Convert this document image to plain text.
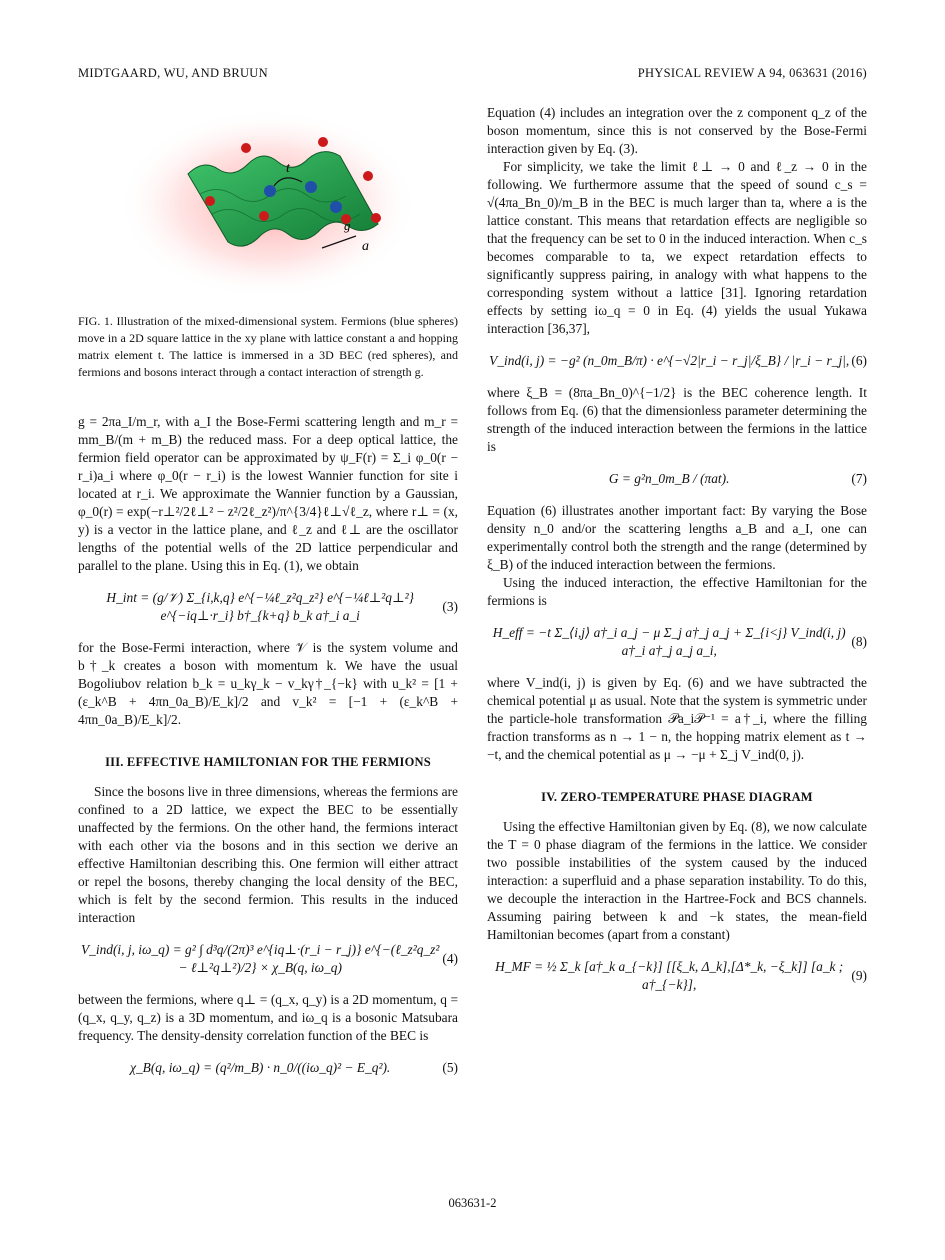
MIDTGAARD, WU, AND BRUUN	PHYSICAL REVIEW A 94, 063631 (2016)
t
g
a

FIG. 1. Illustration of the mixed-dimensional system. Fermions (blue spheres) move in a 2D square lattice in the xy plane with lattice constant a and hopping matrix element t. The lattice is immersed in a 3D BEC (red spheres), and fermions and bosons interact through a contact interaction of strength g.

g = 2πa_I/m_r, with a_I the Bose-Fermi scattering length and m_r = mm_B/(m + m_B) the reduced mass. For a deep optical lattice, the fermion field operator can be approximated by ψ_F(r) = Σ_i φ_0(r − r_i)a_i where φ_0(r − r_i) is the lowest Wannier function for site i located at r_i. We approximate the Wannier function by a Gaussian, φ_0(r) = exp(−r⊥²/2ℓ⊥² − z²/2ℓ_z²)/π^{3/4}ℓ⊥√ℓ_z, where r⊥ = (x, y) is a vector in the lattice plane, and ℓ_z and ℓ⊥ are the oscillator lengths of the potential wells of the 2D lattice perpendicular and parallel to the plane. Using this in Eq. (1), we obtain

H_int = (g/𝒱) Σ_{i,k,q} e^{−¼ℓ_z²q_z²} e^{−¼ℓ⊥²q⊥²} e^{−iq⊥·r_i} b†_{k+q} b_k a†_i a_i
(3)

for the Bose-Fermi interaction, where 𝒱 is the system volume and b†_k creates a boson with momentum k. We have the usual Bogoliubov relation b_k = u_kγ_k − v_kγ†_{−k} with u_k² = [1 + (ε_k^B + 4πn_0a_B)/E_k]/2 and v_k² = [−1 + (ε_k^B + 4πn_0a_B)/E_k]/2.

III. EFFECTIVE HAMILTONIAN FOR THE FERMIONS

Since the bosons live in three dimensions, whereas the fermions are confined to a 2D lattice, we expect the BEC to be essentially unaffected by the fermions. On the other hand, the fermions interact with each other via the bosons and in this section we derive an effective Hamiltonian describing this. One fermion will either attract or repel the bosons, thereby changing the local density of the BEC, which is felt by the second fermion. This results in the induced interaction

V_ind(i, j, iω_q) = g² ∫ d³q/(2π)³ e^{iq⊥·(r_i − r_j)} e^{−(ℓ_z²q_z² − ℓ⊥²q⊥²)/2} × χ_B(q, iω_q)
(4)

between the fermions, where q⊥ = (q_x, q_y) is a 2D momentum, q = (q_x, q_y, q_z) is a 3D momentum, and iω_q is a bosonic Matsubara frequency. The density-density correlation function of the BEC is

χ_B(q, iω_q) = (q²/m_B) · n_0/((iω_q)² − E_q²).	(5)

Equation (4) includes an integration over the z component q_z of the boson momentum, since this is not conserved by the Bose-Fermi interaction given by Eq. (3).

For simplicity, we take the limit ℓ⊥ → 0 and ℓ_z → 0 in the following. We furthermore assume that the speed of sound c_s = √(4πa_Bn_0)/m_B in the BEC is much larger than ta, where a is the lattice constant. This means that retardation effects are negligible so that the frequency can be set to 0 in the induced interaction. When c_s becomes comparable to ta, we expect retardation effects to significantly suppress pairing, in analogy with what happens to the corresponding system without a lattice [31]. Ignoring retardation effects by setting iω_q = 0 in Eq. (4) yields the usual Yukawa interaction [36,37],

V_ind(i, j) = −g² (n_0m_B/π) · e^{−√2|r_i − r_j|/ξ_B} / |r_i − r_j|, (6)

where ξ_B = (8πa_Bn_0)^{−1/2} is the BEC coherence length. It follows from Eq. (6) that the dimensionless parameter determining the strength of the induced interaction between the fermions in the lattice is

G = g²n_0m_B / (πat).	(7)

Equation (6) illustrates another important fact: By varying the Bose density n_0 and/or the scattering lengths a_B and a_I, one can experimentally control both the strength and the range (determined by ξ_B) of the induced interaction between the fermions.

Using the induced interaction, the effective Hamiltonian for the fermions is

H_eff = −t Σ_⟨i,j⟩ a†_i a_j − μ Σ_j a†_j a_j + Σ_{i<j} V_ind(i, j) a†_i a†_j a_j a_i,
(8)

where V_ind(i, j) is given by Eq. (6) and we have subtracted the chemical potential μ as usual. Note that the system is symmetric under the particle-hole transformation 𝒫a_i𝒫⁻¹ = a†_i, where the filling fraction transforms as n → 1 − n, the hopping matrix element as t → −t, and the chemical potential as μ → −μ + Σ_j V_ind(0, j).

IV. ZERO-TEMPERATURE PHASE DIAGRAM

Using the effective Hamiltonian given by Eq. (8), we now calculate the T = 0 phase diagram of the fermions in the lattice. We consider two possible instabilities of the system caused by the induced interaction: a superfluid and a phase separation instability. To do this, we decouple the interaction in the Hartree-Fock and BCS channels. Assuming pairing between k and −k states, the mean-field Hamiltonian becomes (apart from a constant)

H_MF = ½ Σ_k [a†_k a_{−k}] [[ξ_k, Δ_k],[Δ*_k, −ξ_k]] [a_k ; a†_{−k}],
(9)
063631-2
